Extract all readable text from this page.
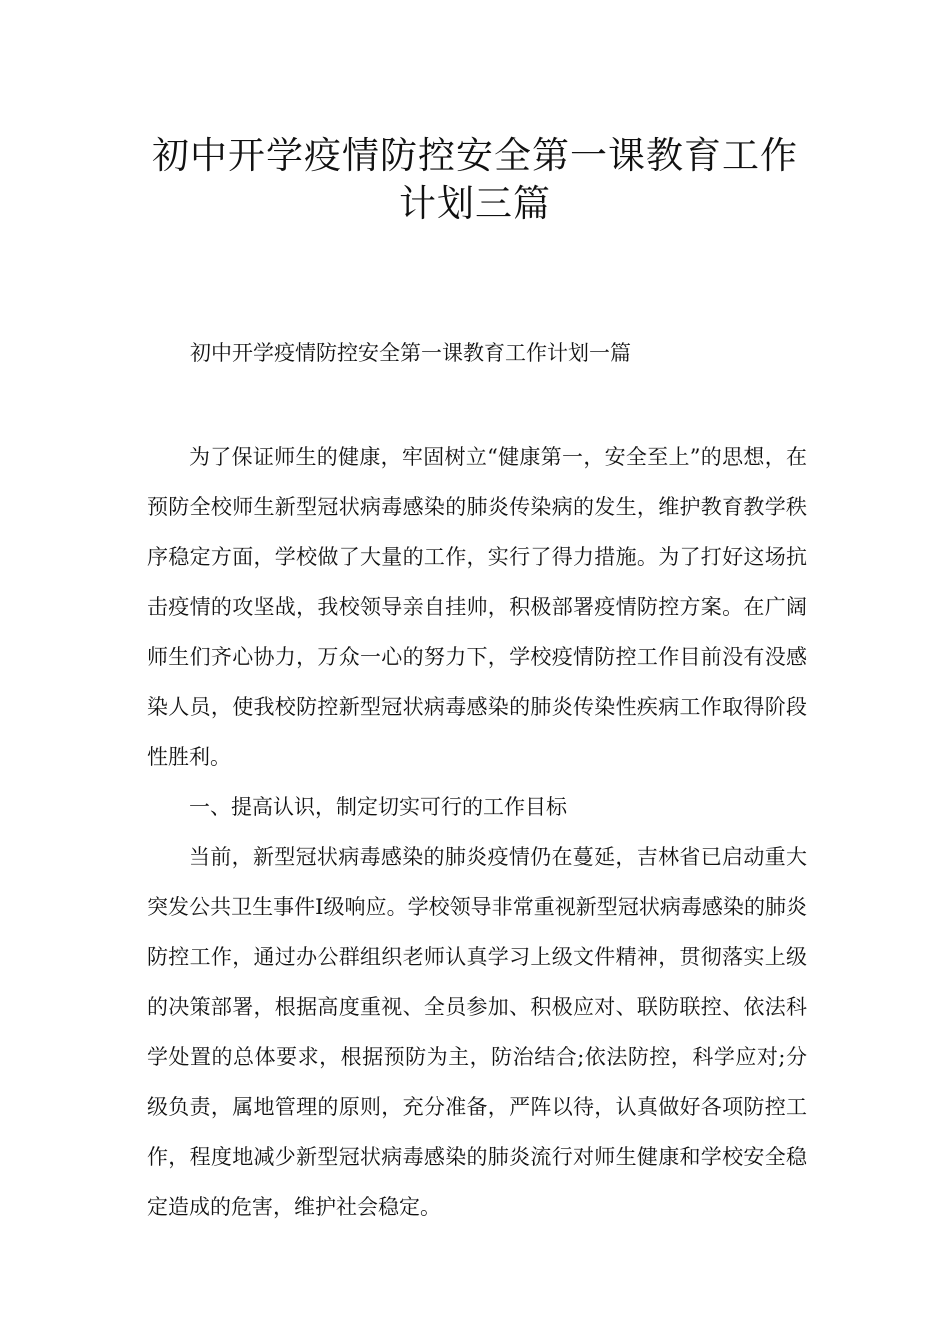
初中开学疫情防控安全第一课教育工作
计划三篇
初中开学疫情防控安全第一课教育工作计划一篇

为了保证师生的健康，牢固树立“健康第一，安全至上”的思想，在预防全校师生新型冠状病毒感染的肺炎传染病的发生，维护教育教学秩序稳定方面，学校做了大量的工作，实行了得力措施。为了打好这场抗击疫情的攻坚战，我校领导亲自挂帅，积极部署疫情防控方案。在广阔师生们齐心协力，万众一心的努力下，学校疫情防控工作目前没有没感染人员，使我校防控新型冠状病毒感染的肺炎传染性疾病工作取得阶段性胜利。

一、提高认识，制定切实可行的工作目标

当前，新型冠状病毒感染的肺炎疫情仍在蔓延，吉林省已启动重大突发公共卫生事件Ⅰ级响应。学校领导非常重视新型冠状病毒感染的肺炎防控工作，通过办公群组织老师认真学习上级文件精神，贯彻落实上级的决策部署，根据高度重视、全员参加、积极应对、联防联控、依法科学处置的总体要求，根据预防为主，防治结合;依法防控，科学应对;分级负责，属地管理的原则，充分准备，严阵以待，认真做好各项防控工作，程度地减少新型冠状病毒感染的肺炎流行对师生健康和学校安全稳定造成的危害，维护社会稳定。
